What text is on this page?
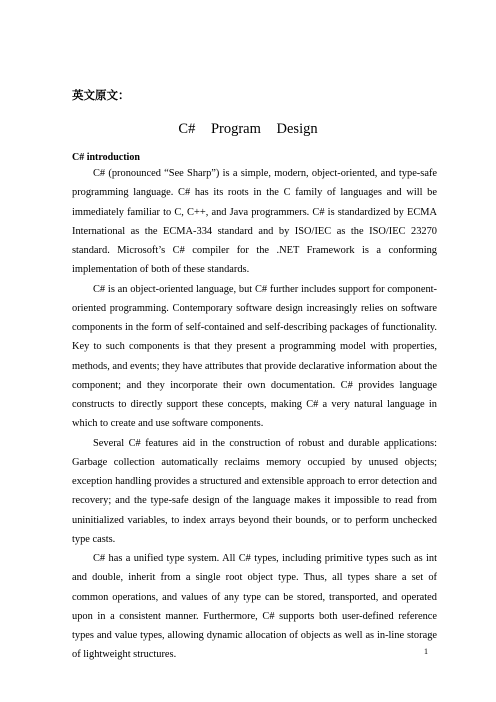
英文原文：
C# Program Design
C# introduction

C# (pronounced “See Sharp”) is a simple, modern, object-oriented, and type-safe programming language. C# has its roots in the C family of languages and will be immediately familiar to C, C++, and Java programmers. C# is standardized by ECMA International as the ECMA-334 standard and by ISO/IEC as the ISO/IEC 23270 standard. Microsoft’s C# compiler for the .NET Framework is a conforming implementation of both of these standards.

C# is an object-oriented language, but C# further includes support for component-oriented programming. Contemporary software design increasingly relies on software components in the form of self-contained and self-describing packages of functionality. Key to such components is that they present a programming model with properties, methods, and events; they have attributes that provide declarative information about the component; and they incorporate their own documentation. C# provides language constructs to directly support these concepts, making C# a very natural language in which to create and use software components.

Several C# features aid in the construction of robust and durable applications: Garbage collection automatically reclaims memory occupied by unused objects; exception handling provides a structured and extensible approach to error detection and recovery; and the type-safe design of the language makes it impossible to read from uninitialized variables, to index arrays beyond their bounds, or to perform unchecked type casts.

C# has a unified type system. All C# types, including primitive types such as int and double, inherit from a single root object type. Thus, all types share a set of common operations, and values of any type can be stored, transported, and operated upon in a consistent manner. Furthermore, C# supports both user-defined reference types and value types, allowing dynamic allocation of objects as well as in-line storage of lightweight structures.	1
